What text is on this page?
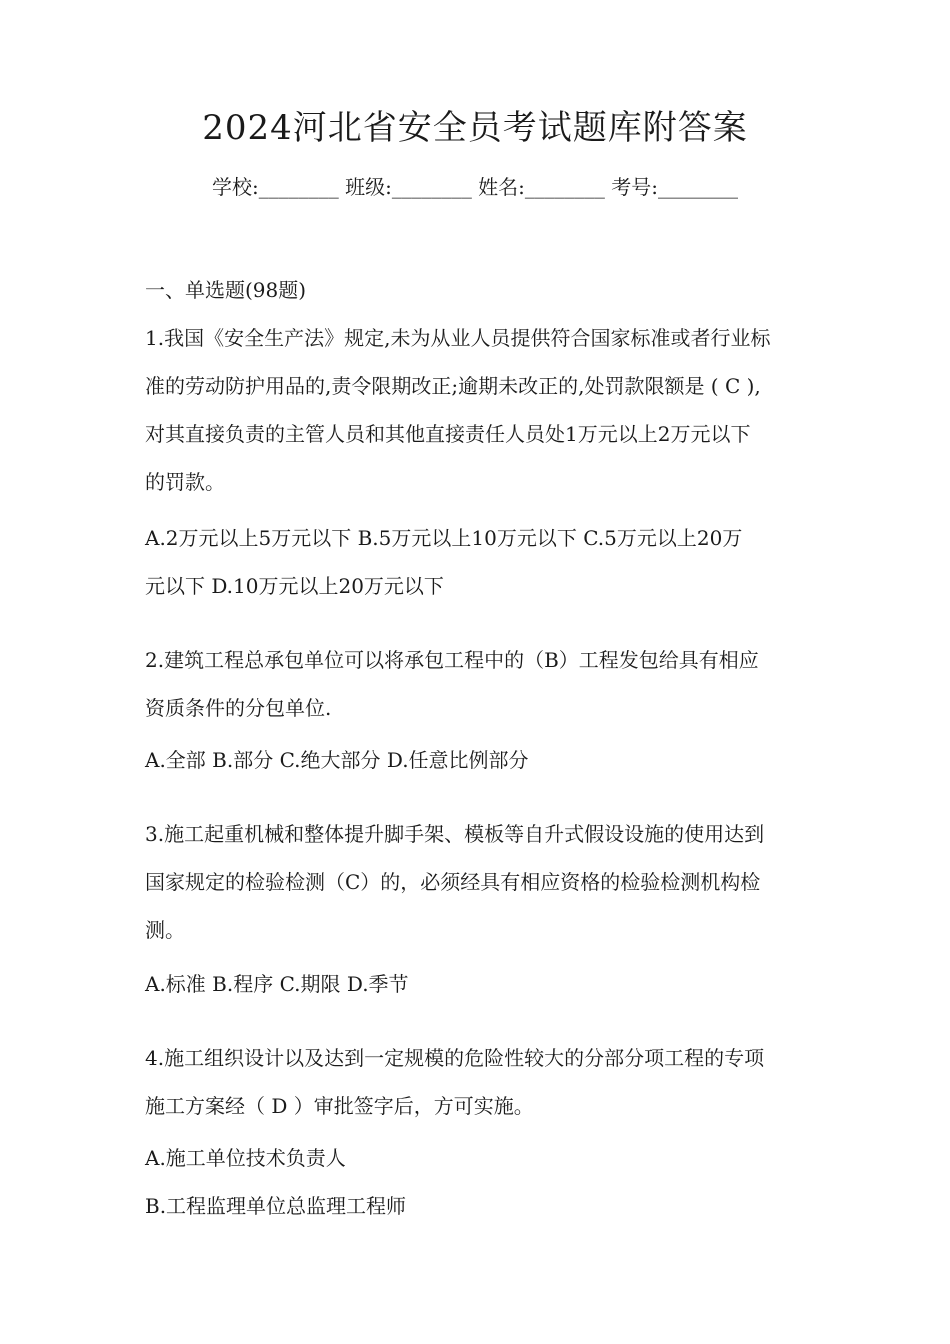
2024河北省安全员考试题库附答案
学校:________ 班级:________ 姓名:________ 考号:________
一、单选题(98题)

1.我国《安全生产法》规定,未为从业人员提供符合国家标准或者行业标

准的劳动防护用品的,责令限期改正;逾期未改正的,处罚款限额是 ( C ),

对其直接负责的主管人员和其他直接责任人员处1万元以上2万元以下

的罚款。

A.2万元以上5万元以下 B.5万元以上10万元以下 C.5万元以上20万

元以下 D.10万元以上20万元以下

2.建筑工程总承包单位可以将承包工程中的（B）工程发包给具有相应

资质条件的分包单位.

A.全部 B.部分 C.绝大部分 D.任意比例部分

3.施工起重机械和整体提升脚手架、模板等自升式假设设施的使用达到

国家规定的检验检测（C）的，必须经具有相应资格的检验检测机构检

测。

A.标准 B.程序 C.期限 D.季节

4.施工组织设计以及达到一定规模的危险性较大的分部分项工程的专项

施工方案经（ D ）审批签字后，方可实施。

A.施工单位技术负责人
B.工程监理单位总监理工程师
